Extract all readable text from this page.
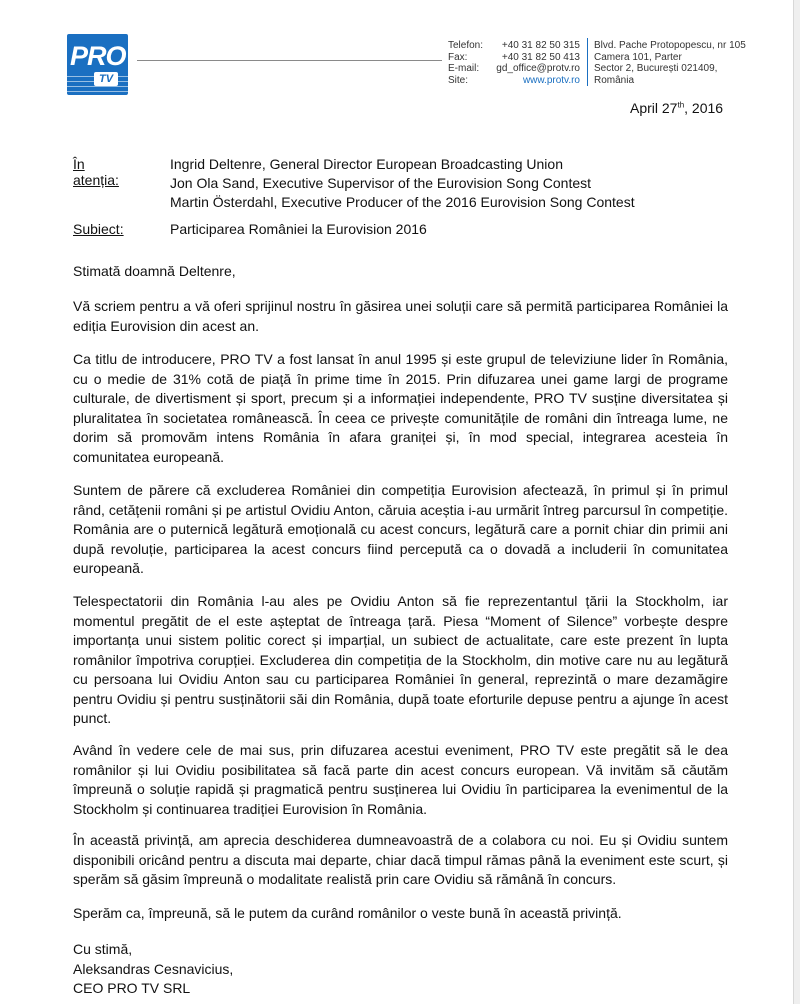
PRO
TV
Telefon:	+40 31 82 50 315
Fax:	+40 31 82 50 413
E-mail:	gd_office@protv.ro
Site:	www.protv.ro
Blvd. Pache Protopopescu, nr 105
Camera 101, Parter
Sector 2, București 021409,
România
April 27th, 2016
În atenția:
Ingrid Deltenre, General Director European Broadcasting Union
Jon Ola Sand, Executive Supervisor of the Eurovision Song Contest
Martin Österdahl, Executive Producer of the 2016 Eurovision Song Contest
Subiect:	Participarea României la Eurovision 2016

Stimată doamnă Deltenre,

Vă scriem pentru a vă oferi sprijinul nostru în găsirea unei soluții care să permită participarea României la ediția Eurovision din acest an.

Ca titlu de introducere, PRO TV a fost lansat în anul 1995 și este grupul de televiziune lider în România, cu o medie de 31% cotă de piață în prime time în 2015. Prin difuzarea unei game largi de programe culturale, de divertisment și sport, precum și a informației independente, PRO TV susține diversitatea și pluralitatea în societatea românească. În ceea ce privește comunitățile de români din întreaga lume, ne dorim să promovăm intens România în afara graniței și, în mod special, integrarea acesteia în comunitatea europeană.

Suntem de părere că excluderea României din competiția Eurovision afectează, în primul și în primul rând, cetățenii români și pe artistul Ovidiu Anton, căruia aceștia i-au urmărit întreg parcursul în competiție. România are o puternică legătură emoțională cu acest concurs, legătură care a pornit chiar din primii ani după revoluție, participarea la acest concurs fiind percepută ca o dovadă a includerii în comunitatea europeană.

Telespectatorii din România l-au ales pe Ovidiu Anton să fie reprezentantul țării la Stockholm, iar momentul pregătit de el este așteptat de întreaga țară. Piesa “Moment of Silence” vorbește despre importanța unui sistem politic corect și imparțial, un subiect de actualitate, care este prezent în lupta românilor împotriva corupției. Excluderea din competiția de la Stockholm, din motive care nu au legătură cu persoana lui Ovidiu Anton sau cu participarea României în general, reprezintă o mare dezamăgire pentru Ovidiu și pentru susținătorii săi din România, după toate eforturile depuse pentru a ajunge în acest punct.

Având în vedere cele de mai sus, prin difuzarea acestui eveniment, PRO TV este pregătit să le dea românilor și lui Ovidiu posibilitatea să facă parte din acest concurs european. Vă invităm să căutăm împreună o soluție rapidă și pragmatică pentru susținerea lui Ovidiu în participarea la evenimentul de la Stockholm și continuarea tradiției Eurovision în România.

În această privință, am aprecia deschiderea dumneavoastră de a colabora cu noi. Eu și Ovidiu suntem disponibili oricând pentru a discuta mai departe, chiar dacă timpul rămas până la eveniment este scurt, și sperăm să găsim împreună o modalitate realistă prin care Ovidiu să rămână în concurs.

Sperăm ca, împreună, să le putem da curând românilor o veste bună în această privință.

Cu stimă,
Aleksandras Cesnavicius,
CEO PRO TV SRL
